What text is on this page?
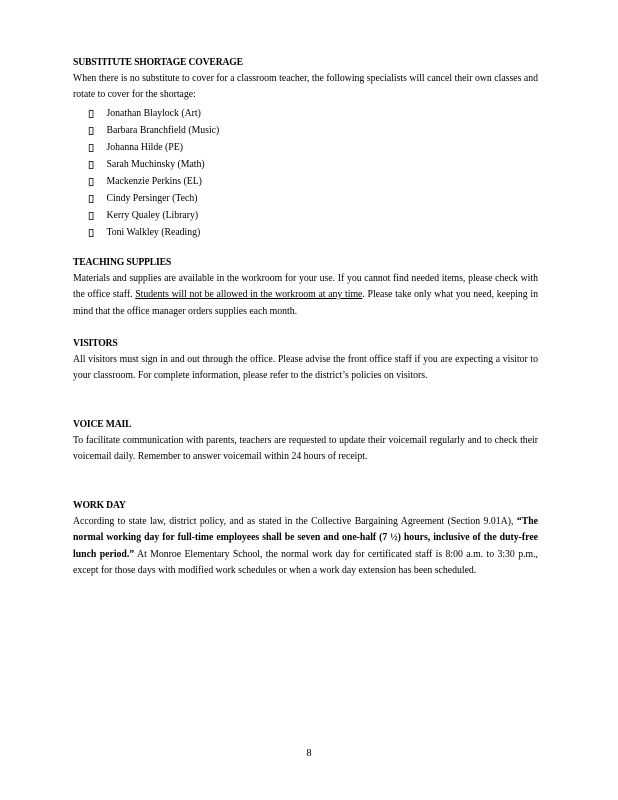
SUBSTITUTE SHORTAGE COVERAGE

When there is no substitute to cover for a classroom teacher, the following specialists will cancel their own classes and rotate to cover for the shortage:

Jonathan Blaylock (Art)
Barbara Branchfield (Music)
Johanna Hilde (PE)
Sarah Muchinsky (Math)
Mackenzie Perkins (EL)
Cindy Persinger (Tech)
Kerry Qualey (Library)
Toni Walkley (Reading)

TEACHING SUPPLIES

Materials and supplies are available in the workroom for your use. If you cannot find needed items, please check with the office staff. Students will not be allowed in the workroom at any time. Please take only what you need, keeping in mind that the office manager orders supplies each month.

VISITORS

All visitors must sign in and out through the office. Please advise the front office staff if you are expecting a visitor to your classroom. For complete information, please refer to the district’s policies on visitors.

VOICE MAIL

To facilitate communication with parents, teachers are requested to update their voicemail regularly and to check their voicemail daily. Remember to answer voicemail within 24 hours of receipt.

WORK DAY

According to state law, district policy, and as stated in the Collective Bargaining Agreement (Section 9.01A), “The normal working day for full-time employees shall be seven and one-half (7 ½) hours, inclusive of the duty-free lunch period.” At Monroe Elementary School, the normal work day for certificated staff is 8:00 a.m. to 3:30 p.m., except for those days with modified work schedules or when a work day extension has been scheduled.

8
